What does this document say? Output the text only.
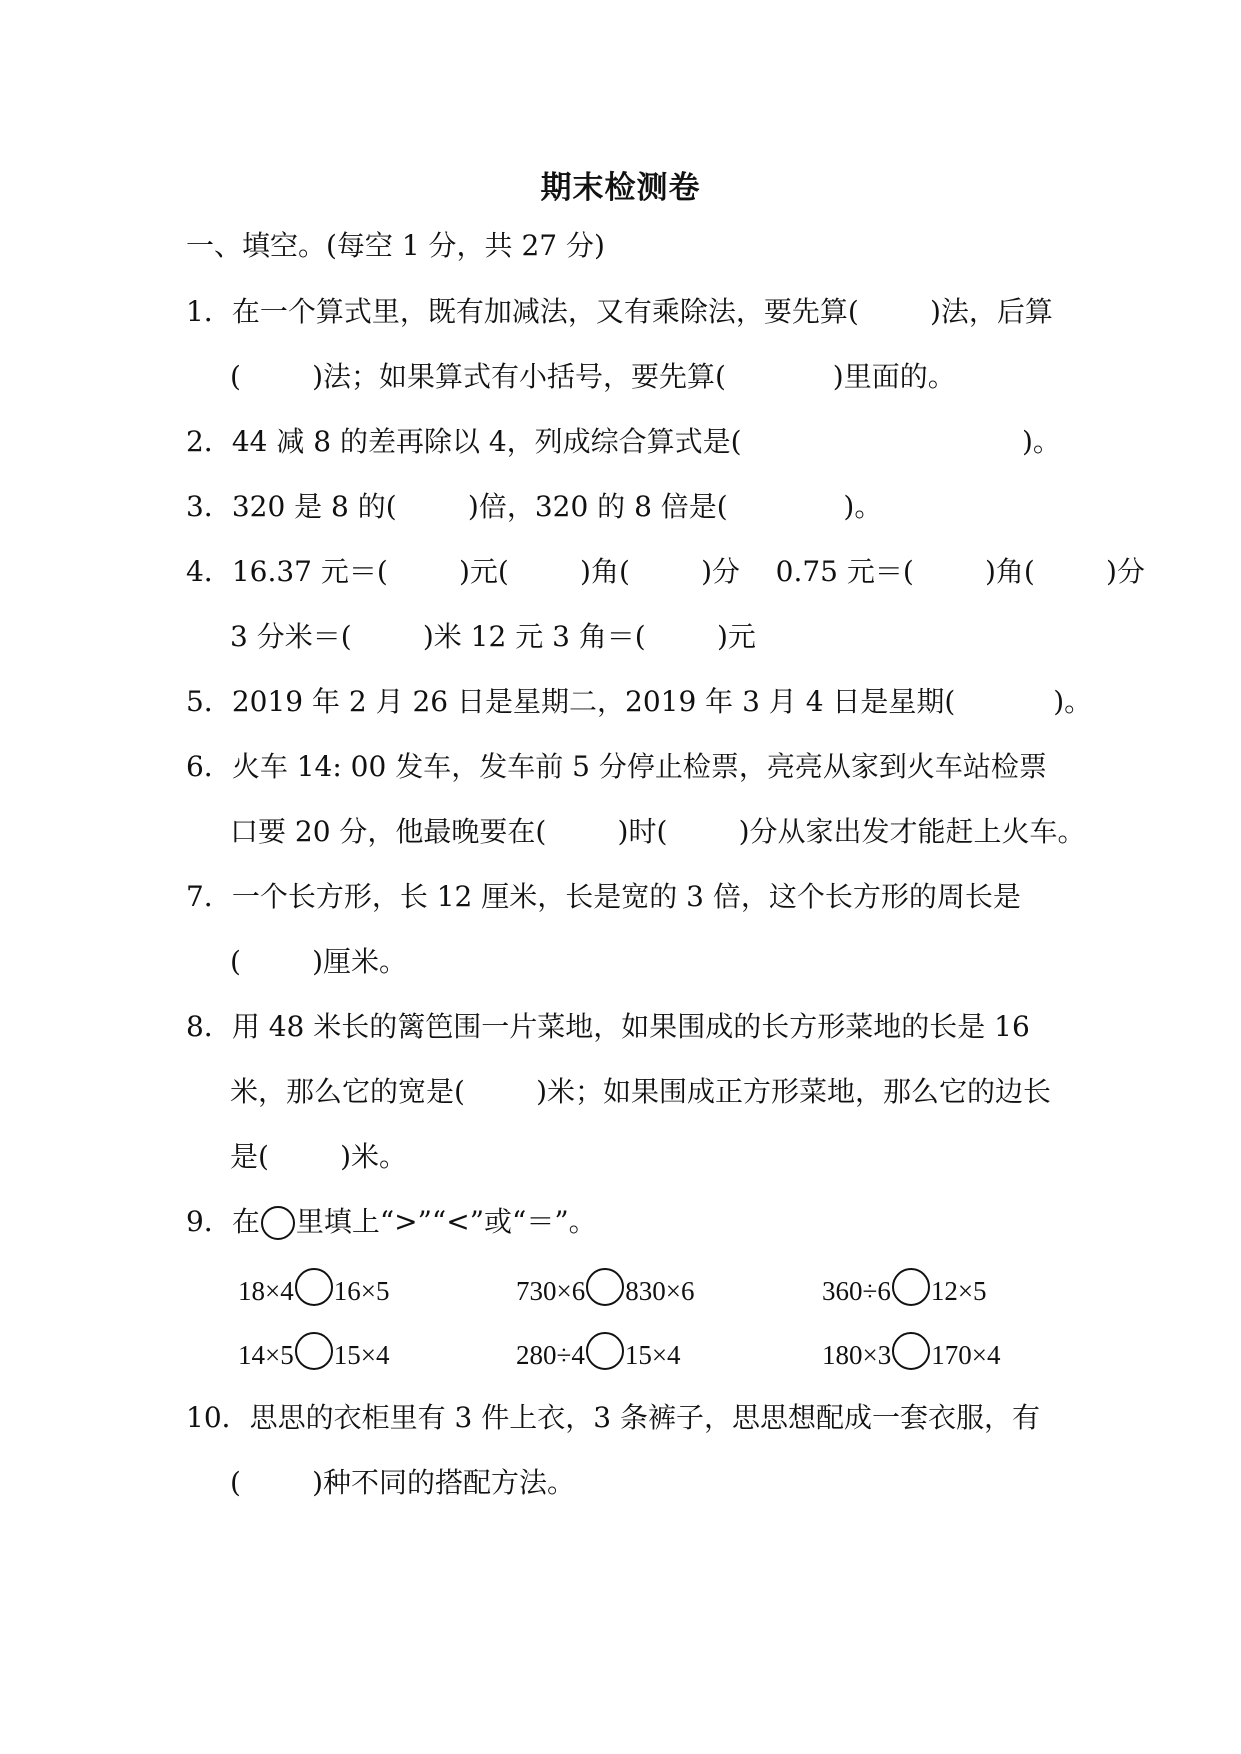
期末检测卷
一、填空。(每空 1 分，共 27 分)
1．在一个算式里，既有加减法，又有乘除法，要先算(        )法，后算
(        )法；如果算式有小括号，要先算(            )里面的。
2．44 减 8 的差再除以 4，列成综合算式是(	)。
3．320 是 8 的(        )倍，320 的 8 倍是(             )。
4．16.37 元＝(        )元(        )角(        )分    0.75 元＝(        )角(        )分
3 分米＝(        )米 12 元 3 角＝(        )元
5．2019 年 2 月 26 日是星期二，2019 年 3 月 4 日是星期(           )。
6．火车 14: 00 发车，发车前 5 分停止检票，亮亮从家到火车站检票
口要 20 分，他最晚要在(        )时(        )分从家出发才能赶上火车。
7．一个长方形，长 12 厘米，长是宽的 3 倍，这个长方形的周长是
(        )厘米。
8．用 48 米长的篱笆围一片菜地，如果围成的长方形菜地的长是 16
米，那么它的宽是(        )米；如果围成正方形菜地，那么它的边长
是(        )米。
9．在 里填上“>”“<”或“＝”。
18×4 16×5	730×6 830×6	360÷6 12×5
14×5 15×4	280÷4 15×4	180×3 170×4
10．思思的衣柜里有 3 件上衣，3 条裤子，思思想配成一套衣服，有
(        )种不同的搭配方法。
